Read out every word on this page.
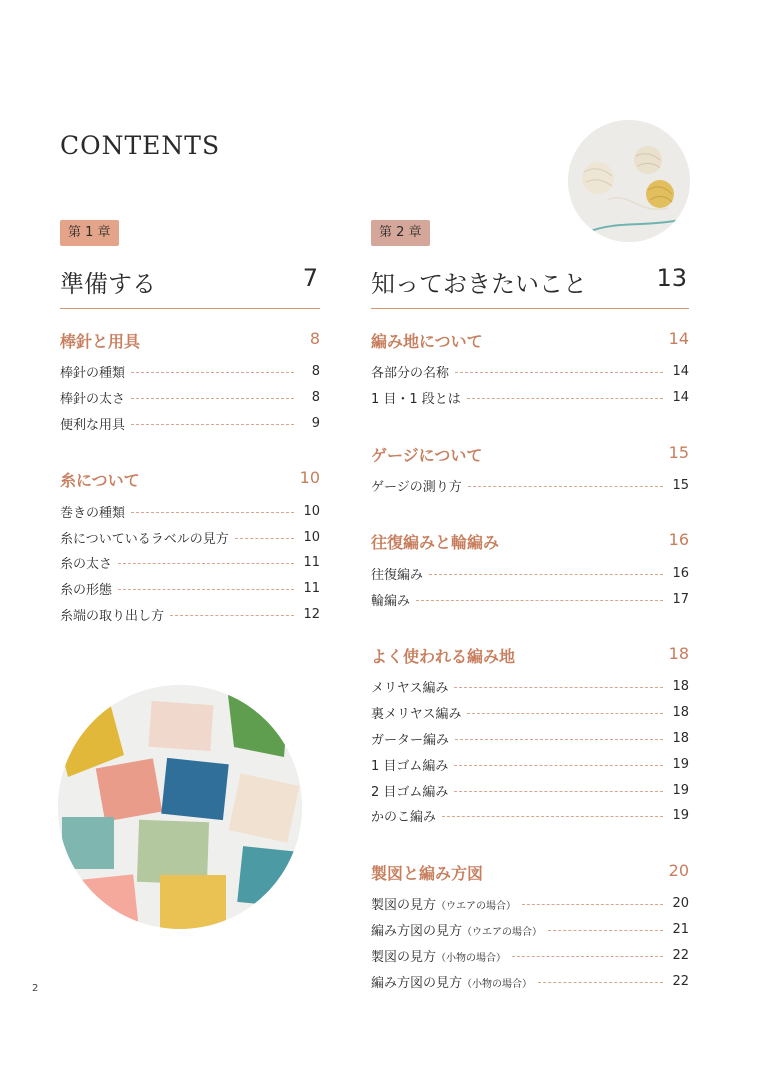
CONTENTS
第 1 章
準備する	7
棒針と用具	8
棒針の種類	8
棒針の太さ	8
便利な用具	9
糸について	10
巻きの種類	10
糸についているラベルの見方	10
糸の太さ	11
糸の形態	11
糸端の取り出し方	12
第 2 章
知っておきたいこと	13
編み地について	14
各部分の名称	14
1 目・1 段とは	14
ゲージについて	15
ゲージの測り方	15
往復編みと輪編み	16
往復編み	16
輪編み	17
よく使われる編み地	18
メリヤス編み	18
裏メリヤス編み	18
ガーター編み	18
1 目ゴム編み	19
2 目ゴム編み	19
かのこ編み	19
製図と編み方図	20
製図の見方（ウエアの場合）	20
編み方図の見方（ウエアの場合）	21
製図の見方（小物の場合）	22
編み方図の見方（小物の場合）	22
2
